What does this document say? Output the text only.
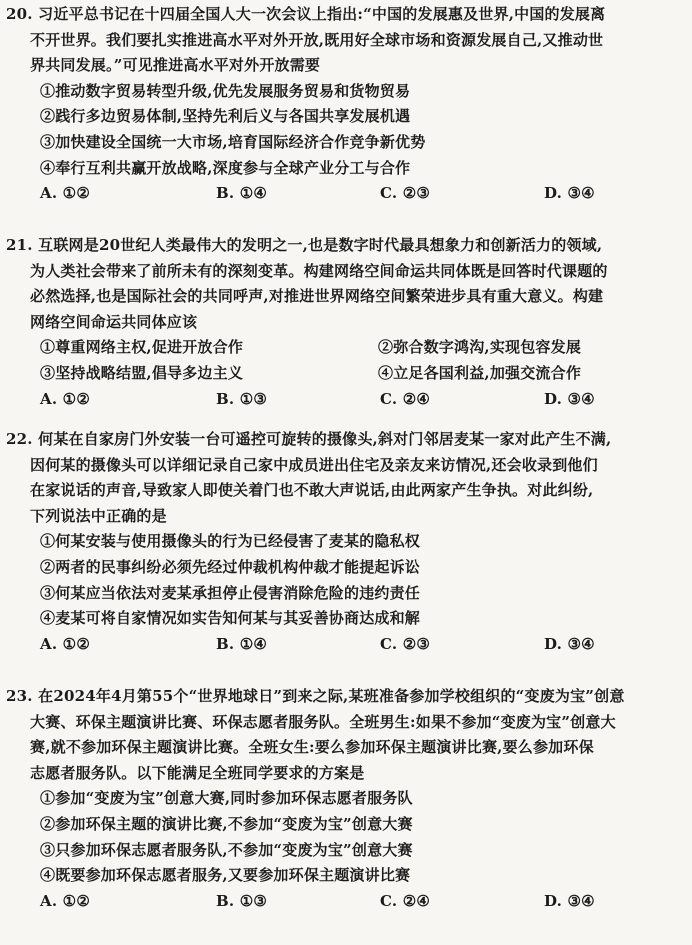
20. 习近平总书记在十四届全国人大一次会议上指出:“中国的发展惠及世界,中国的发展离
不开世界。我们要扎实推进高水平对外开放,既用好全球市场和资源发展自己,又推动世
界共同发展。”可见推进高水平对外开放需要
①推动数字贸易转型升级,优先发展服务贸易和货物贸易
②践行多边贸易体制,坚持先利后义与各国共享发展机遇
③加快建设全国统一大市场,培育国际经济合作竞争新优势
④奉行互利共赢开放战略,深度参与全球产业分工与合作
A. ①②	B. ①④	C. ②③	D. ③④
21. 互联网是20世纪人类最伟大的发明之一,也是数字时代最具想象力和创新活力的领域,
为人类社会带来了前所未有的深刻变革。构建网络空间命运共同体既是回答时代课题的
必然选择,也是国际社会的共同呼声,对推进世界网络空间繁荣进步具有重大意义。构建
网络空间命运共同体应该
①尊重网络主权,促进开放合作	②弥合数字鸿沟,实现包容发展
③坚持战略结盟,倡导多边主义	④立足各国利益,加强交流合作
A. ①②	B. ①③	C. ②④	D. ③④
22. 何某在自家房门外安装一台可遥控可旋转的摄像头,斜对门邻居麦某一家对此产生不满,
因何某的摄像头可以详细记录自己家中成员进出住宅及亲友来访情况,还会收录到他们
在家说话的声音,导致家人即使关着门也不敢大声说话,由此两家产生争执。对此纠纷,
下列说法中正确的是
①何某安装与使用摄像头的行为已经侵害了麦某的隐私权
②两者的民事纠纷必须先经过仲裁机构仲裁才能提起诉讼
③何某应当依法对麦某承担停止侵害消除危险的违约责任
④麦某可将自家情况如实告知何某与其妥善协商达成和解
A. ①②	B. ①④	C. ②③	D. ③④
23. 在2024年4月第55个“世界地球日”到来之际,某班准备参加学校组织的“变废为宝”创意
大赛、环保主题演讲比赛、环保志愿者服务队。全班男生:如果不参加“变废为宝”创意大
赛,就不参加环保主题演讲比赛。全班女生:要么参加环保主题演讲比赛,要么参加环保
志愿者服务队。以下能满足全班同学要求的方案是
①参加“变废为宝”创意大赛,同时参加环保志愿者服务队
②参加环保主题的演讲比赛,不参加“变废为宝”创意大赛
③只参加环保志愿者服务队,不参加“变废为宝”创意大赛
④既要参加环保志愿者服务,又要参加环保主题演讲比赛
A. ①②	B. ①③	C. ②④	D. ③④
